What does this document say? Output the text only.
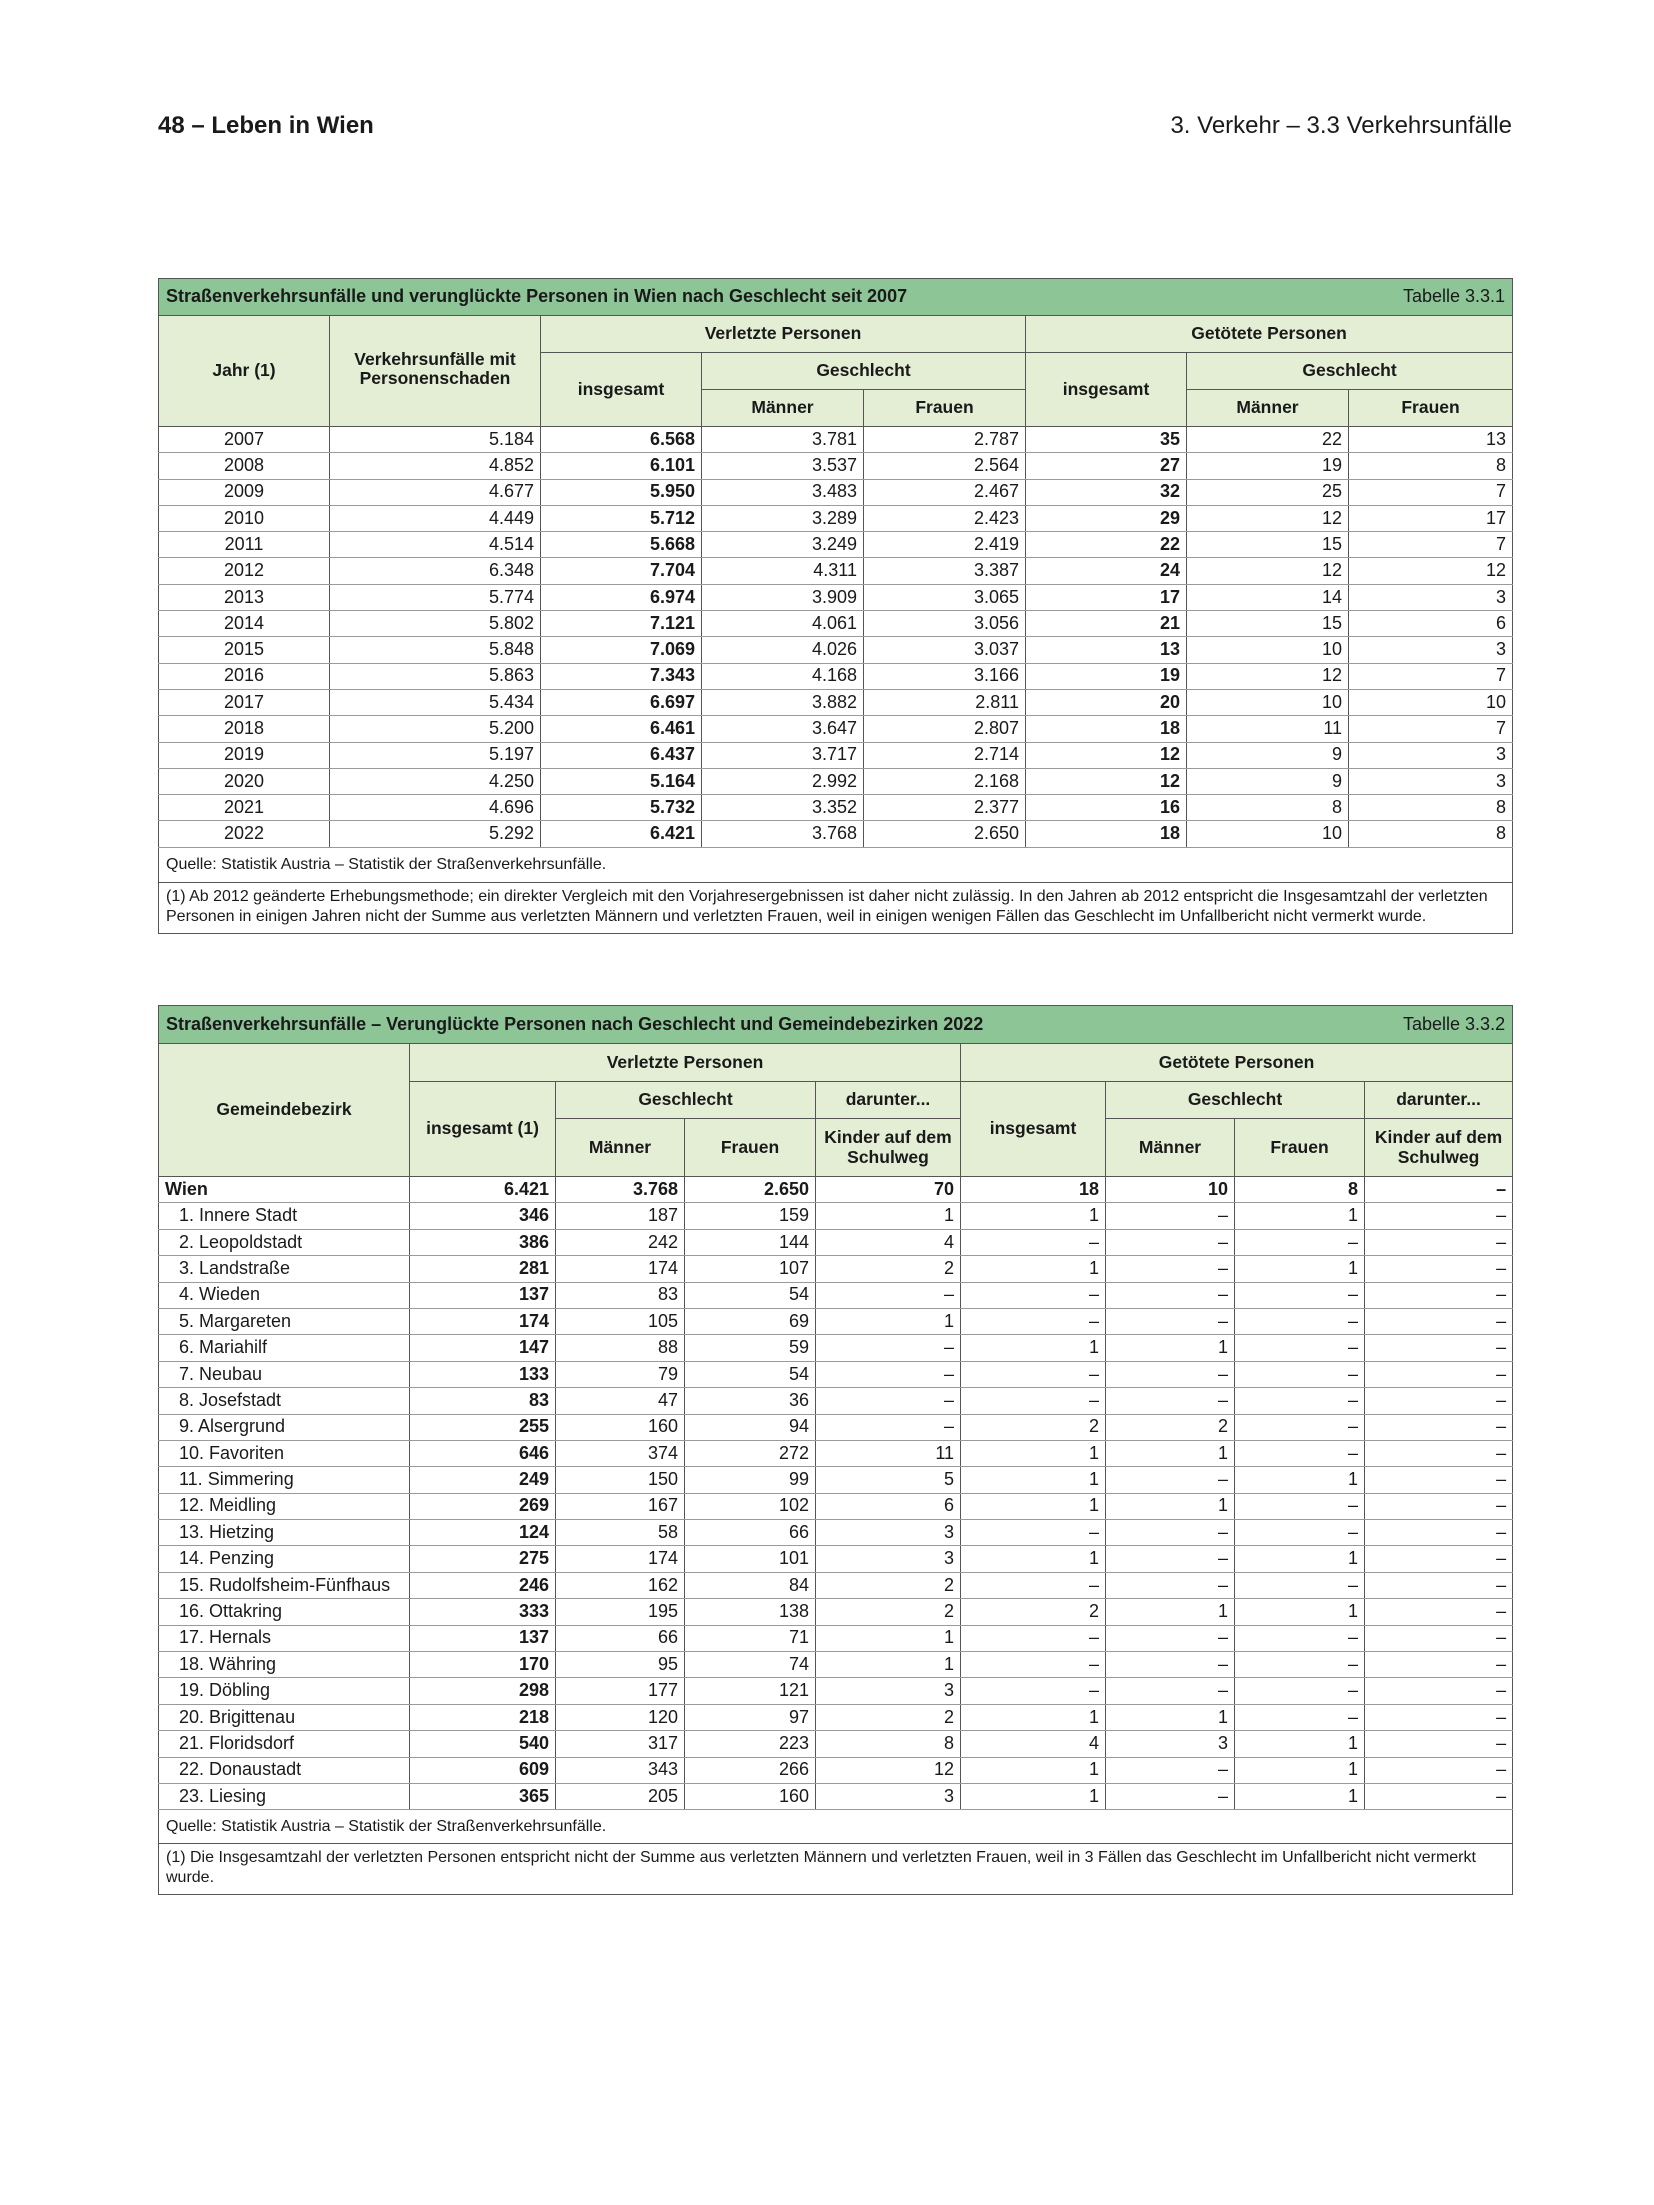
48 – Leben in Wien	3. Verkehr – 3.3 Verkehrsunfälle
Straßenverkehrsunfälle und verunglückte Personen in Wien nach Geschlecht seit 2007 Tabelle 3.3.1							

Jahr (1)	Verkehrsunfälle mit Personenschaden	Verletzte Personen			Getötete Personen		
		insgesamt	Geschlecht		insgesamt	Geschlecht	
			Männer	Frauen		Männer	Frauen
2007	5.184	6.568	3.781	2.787	35	22	13
2008	4.852	6.101	3.537	2.564	27	19	8
2009	4.677	5.950	3.483	2.467	32	25	7
2010	4.449	5.712	3.289	2.423	29	12	17
2011	4.514	5.668	3.249	2.419	22	15	7
2012	6.348	7.704	4.311	3.387	24	12	12
2013	5.774	6.974	3.909	3.065	17	14	3
2014	5.802	7.121	4.061	3.056	21	15	6
2015	5.848	7.069	4.026	3.037	13	10	3
2016	5.863	7.343	4.168	3.166	19	12	7
2017	5.434	6.697	3.882	2.811	20	10	10
2018	5.200	6.461	3.647	2.807	18	11	7
2019	5.197	6.437	3.717	2.714	12	9	3
2020	4.250	5.164	2.992	2.168	12	9	3
2021	4.696	5.732	3.352	2.377	16	8	8
2022	5.292	6.421	3.768	2.650	18	10	8
Quelle: Statistik Austria – Statistik der Straßenverkehrsunfälle.							
(1) Ab 2012 geänderte Erhebungsmethode; ein direkter Vergleich mit den Vorjahresergebnissen ist daher nicht zulässig. In den Jahren ab 2012 entspricht die Insgesamtzahl der verletzten Personen in einigen Jahren nicht der Summe aus verletzten Männern und verletzten Frauen, weil in einigen wenigen Fällen das Geschlecht im Unfallbericht nicht vermerkt wurde.							
Straßenverkehrsunfälle – Verunglückte Personen nach Geschlecht und Gemeindebezirken 2022 Tabelle 3.3.2								

Gemeindebezirk	Verletzte Personen				Getötete Personen			
	insgesamt (1)	Geschlecht		darunter...	insgesamt	Geschlecht		darunter...
		Männer	Frauen	Kinder auf dem Schulweg		Männer	Frauen	Kinder auf dem Schulweg
Wien	6.421	3.768	2.650	70	18	10	8	–
1. Innere Stadt	346	187	159	1	1	–	1	–
2. Leopoldstadt	386	242	144	4	–	–	–	–
3. Landstraße	281	174	107	2	1	–	1	–
4. Wieden	137	83	54	–	–	–	–	–
5. Margareten	174	105	69	1	–	–	–	–
6. Mariahilf	147	88	59	–	1	1	–	–
7. Neubau	133	79	54	–	–	–	–	–
8. Josefstadt	83	47	36	–	–	–	–	–
9. Alsergrund	255	160	94	–	2	2	–	–
10. Favoriten	646	374	272	11	1	1	–	–
11. Simmering	249	150	99	5	1	–	1	–
12. Meidling	269	167	102	6	1	1	–	–
13. Hietzing	124	58	66	3	–	–	–	–
14. Penzing	275	174	101	3	1	–	1	–
15. Rudolfsheim-Fünfhaus	246	162	84	2	–	–	–	–
16. Ottakring	333	195	138	2	2	1	1	–
17. Hernals	137	66	71	1	–	–	–	–
18. Währing	170	95	74	1	–	–	–	–
19. Döbling	298	177	121	3	–	–	–	–
20. Brigittenau	218	120	97	2	1	1	–	–
21. Floridsdorf	540	317	223	8	4	3	1	–
22. Donaustadt	609	343	266	12	1	–	1	–
23. Liesing	365	205	160	3	1	–	1	–
Quelle: Statistik Austria – Statistik der Straßenverkehrsunfälle.								
(1) Die Insgesamtzahl der verletzten Personen entspricht nicht der Summe aus verletzten Männern und verletzten Frauen, weil in 3 Fällen das Geschlecht im Unfallbericht nicht vermerkt wurde.								
